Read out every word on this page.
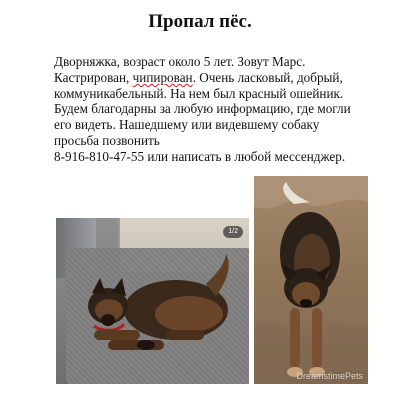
Пропал пёс.
Дворняжка, возраст около 5 лет. Зовут Марс.
Кастрирован, чипирован. Очень ласковый, добрый,
коммуникабельный. На нем был красный ошейник.
Будем благодарны за любую информацию, где могли
его видеть. Нашедшему или видевшему собаку
просьба позвонить
8-916-810-47-55 или написать в любой мессенджер.
1/2
DreamstimePets
